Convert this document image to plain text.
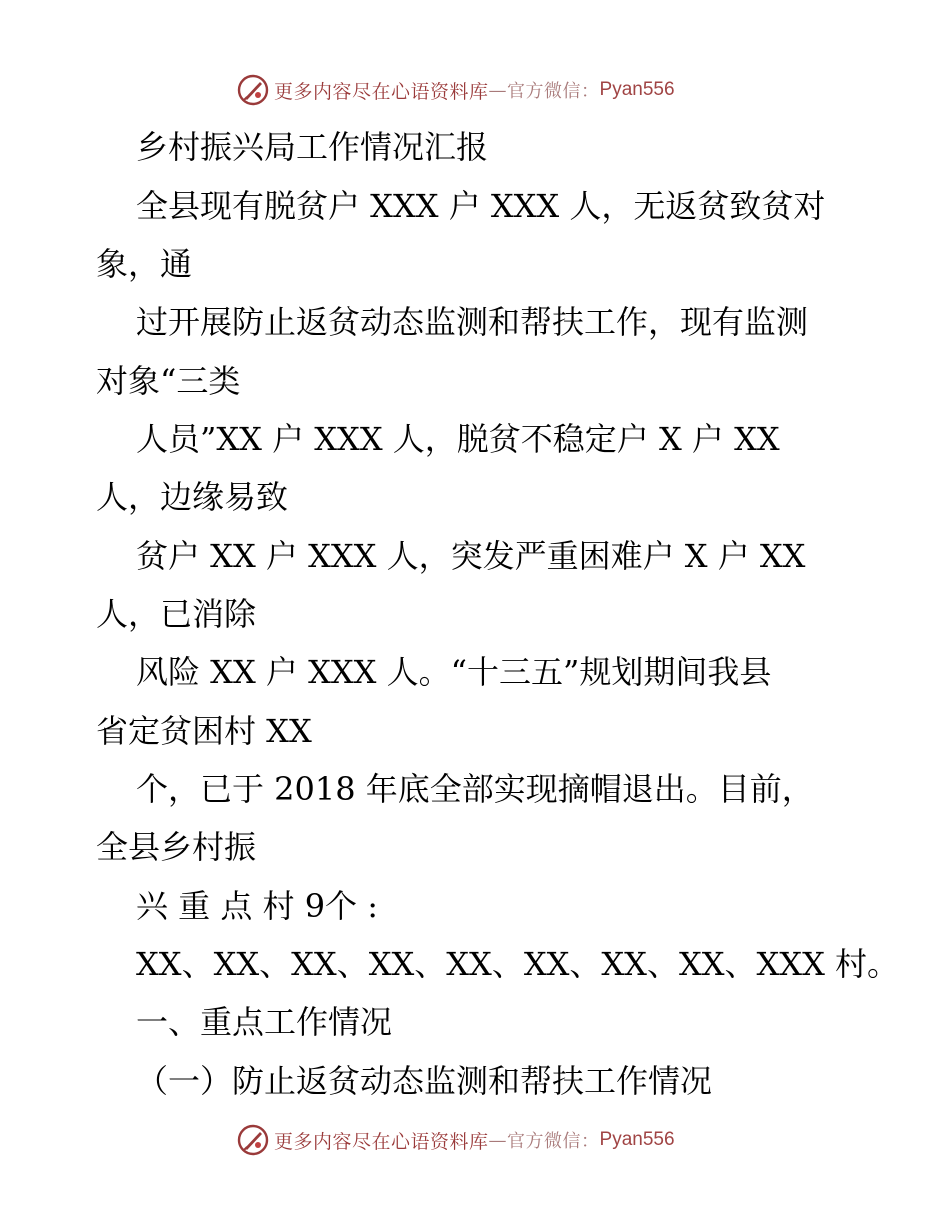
更多内容尽在心语资料库 — 官方微信： Pyan556
乡村振兴局工作情况汇报
全县现有脱贫户 XXX 户 XXX 人，无返贫致贫对
象，通
过开展防止返贫动态监测和帮扶工作，现有监测
对象“三类
人员”XX 户 XXX 人，脱贫不稳定户 X 户 XX
人，边缘易致
贫户 XX 户 XXX 人，突发严重困难户 X 户 XX
人，已消除
风险 XX 户 XXX 人。“十三五”规划期间我县
省定贫困村 XX
个，已于 2018 年底全部实现摘帽退出。目前，
全县乡村振
兴 重 点 村 9个 :
XX、XX、XX、XX、XX、XX、XX、XX、XXX 村。
一、重点工作情况
（一）防止返贫动态监测和帮扶工作情况
更多内容尽在心语资料库 — 官方微信： Pyan556
